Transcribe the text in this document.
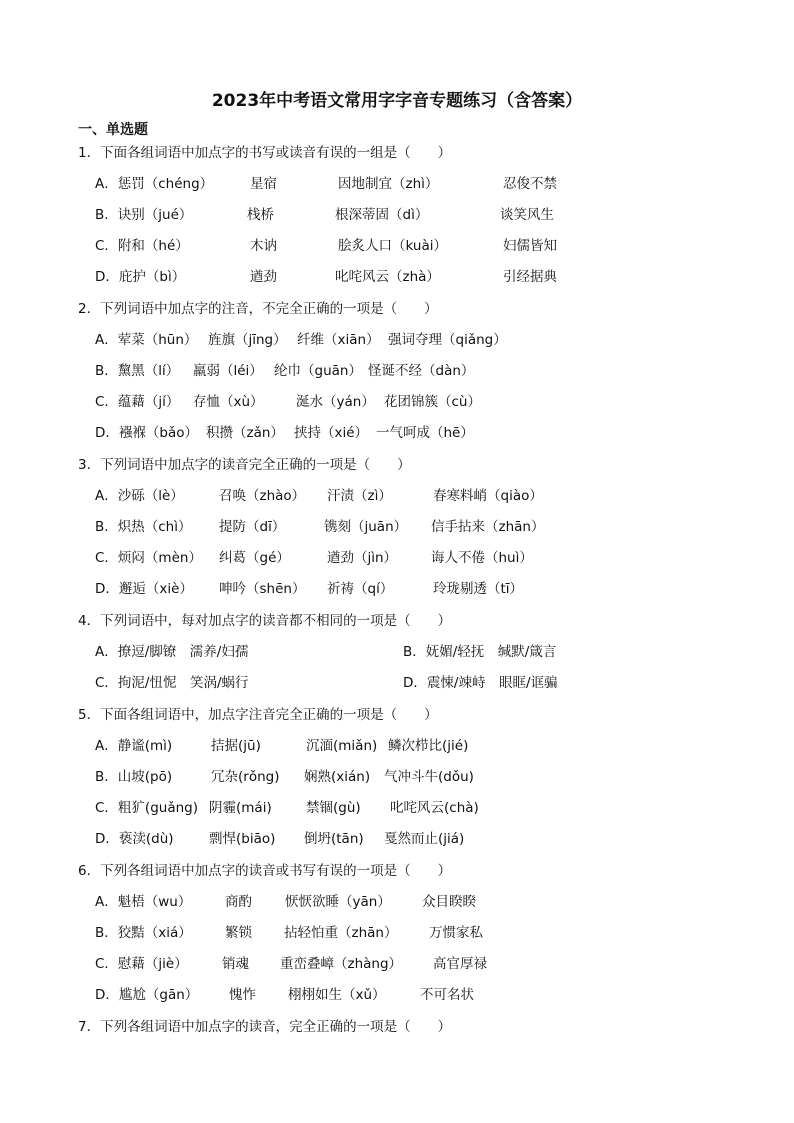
2023年中考语文常用字字音专题练习（含答案）
一、单选题
1．下面各组词语中加点字的书写或读音有误的一组是（　　）
A．惩罚（chéng）	星宿	因地制宜（zhì）	忍俊不禁
B．诀别（jué）	栈桥	根深蒂固（dì）	谈笑风生
C．附和（hé）	木讷	脍炙人口（kuài）	妇儒皆知
D．庇护（bì）	遒劲	叱咤风云（zhà）	引经据典
2．下列词语中加点字的注音，不完全正确的一项是（　　）
A．荤菜（hūn） 旌旗（jīng） 纤维（xiān） 强词夺理（qiǎng）
B．黧黑（lí） 羸弱（léi） 纶巾（guān） 怪诞不经（dàn）
C．蕴藉（jí） 存恤（xù） 涎水（yán） 花团锦簇（cù）
D．襁褓（bǎo） 积攒（zǎn） 挟持（xié） 一气呵成（hē）
3．下列词语中加点字的读音完全正确的一项是（　　）
A．沙砾（lè）	召唤（zhào） 汗渍（zì）	春寒料峭（qiào）
B．炽热（chì） 提防（dī）	镌刻（juān） 信手拈来（zhān）
C．烦闷（mèn） 纠葛（gé）	遒劲（jìn）	诲人不倦（huì）
D．邂逅（xiè） 呻吟（shēn） 祈祷（qí）	玲珑剔透（tī）
4．下列词语中，每对加点字的读音都不相同的一项是（　　）
A．撩逗/脚镣　濡养/妇孺	B．妩媚/轻抚　缄默/箴言
C．拘泥/忸怩　笑涡/蜗行	D．震悚/竦峙　眼眶/诓骗
5．下面各组词语中，加点字注音完全正确的一项是（　　）
A．静谧(mì)	拮据(jū)	沉湎(miǎn) 鳞次栉比(jié)
B．山坡(pō)	冗杂(rǒng) 娴熟(xián) 气冲斗牛(dǒu)
C．粗犷(guǎng) 阴霾(mái)	禁锢(gù) 叱咤风云(chà)
D．亵渎(dù)	剽悍(biāo) 倒坍(tān) 戛然而止(jiá)
6．下列各组词语中加点字的读音或书写有误的一项是（　　）
A．魁梧（wu） 商酌 恹恹欲睡（yān） 众目睽睽
B．狡黠（xiá） 繁锁 拈轻怕重（zhān） 万惯家私
C．慰藉（jiè）	销魂 重峦叠嶂（zhàng） 高官厚禄
D．尴尬（gān） 愧怍 栩栩如生（xǔ）	不可名状
7．下列各组词语中加点字的读音，完全正确的一项是（　　）
